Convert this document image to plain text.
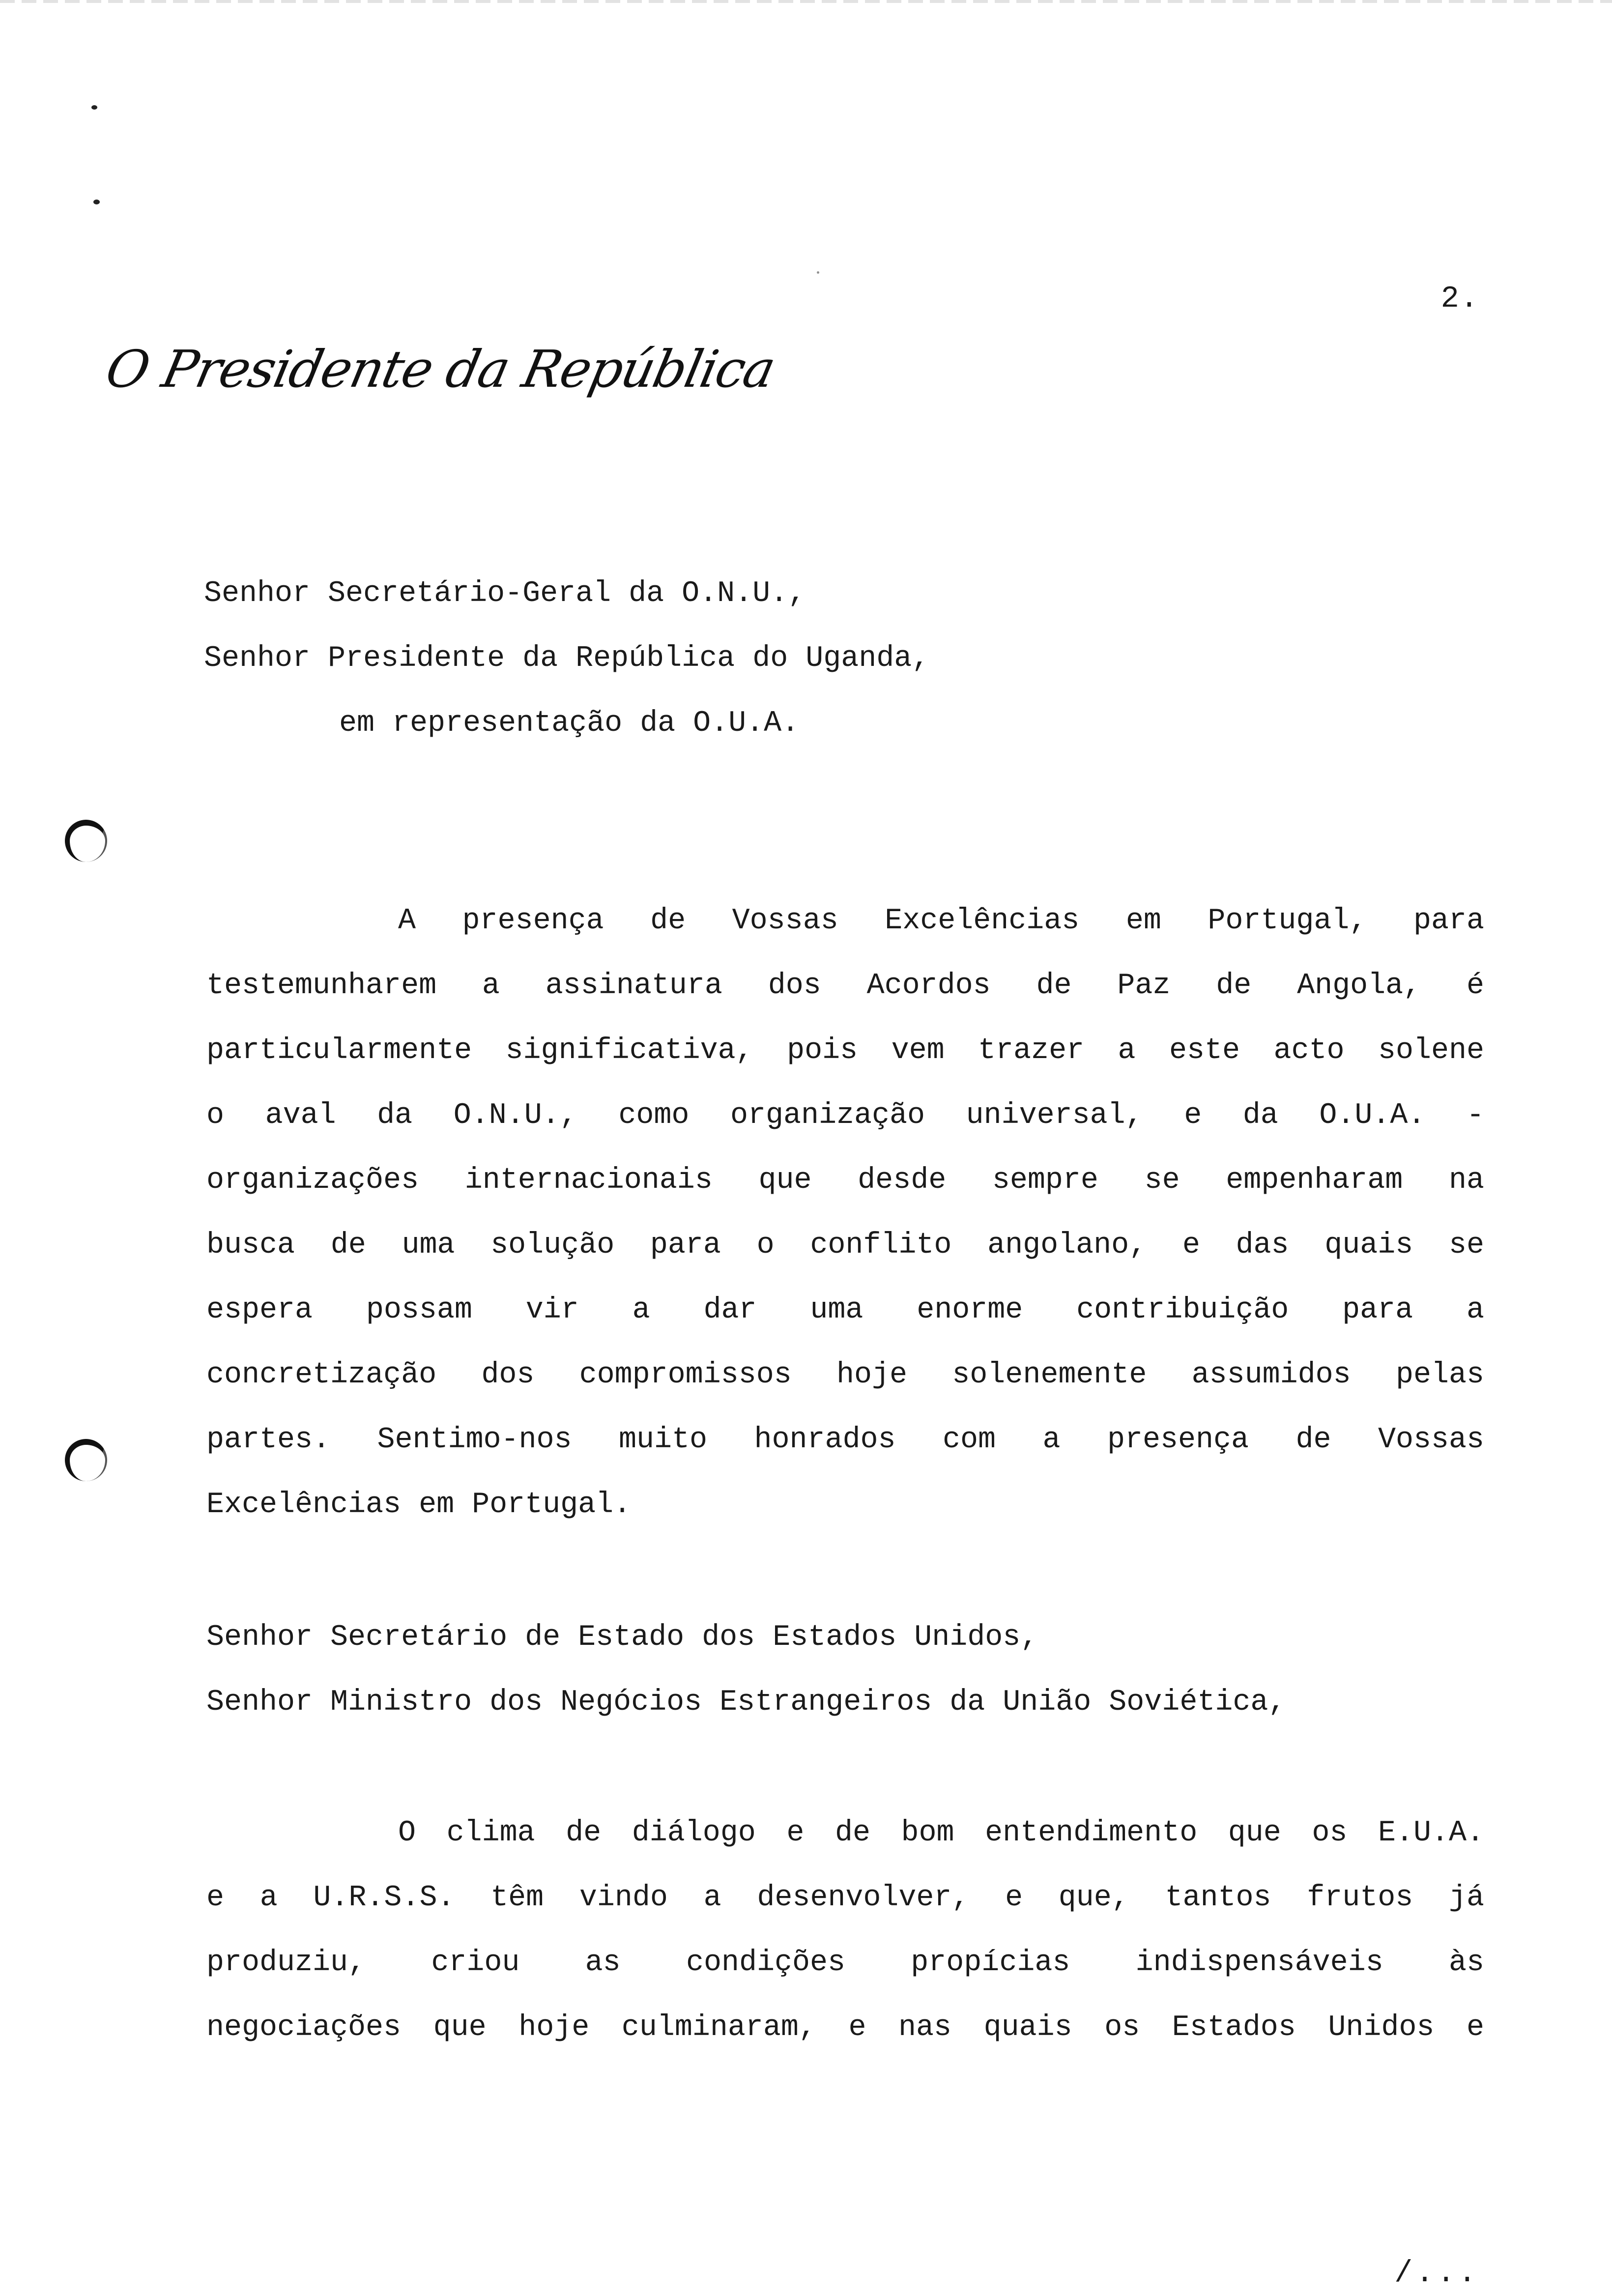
2.
O Presidente da República
Senhor Secretário-Geral da O.N.U.,
Senhor Presidente da República do Uganda,
em representação da O.U.A.
A presença de Vossas Excelências em Portugal, para
testemunharem a assinatura dos Acordos de Paz de Angola, é
particularmente significativa, pois vem trazer a este acto solene
o aval da O.N.U., como organização universal, e da O.U.A. -
organizações internacionais que desde sempre se empenharam na
busca de uma solução para o conflito angolano, e das quais se
espera possam vir a dar uma enorme contribuição para a
concretização dos compromissos hoje solenemente assumidos pelas
partes. Sentimo-nos muito honrados com a presença de Vossas
Excelências em Portugal.
Senhor Secretário de Estado dos Estados Unidos,
Senhor Ministro dos Negócios Estrangeiros da União Soviética,
O clima de diálogo e de bom entendimento que os E.U.A.
e a U.R.S.S. têm vindo a desenvolver, e que, tantos frutos já
produziu, criou as condições propícias indispensáveis às
negociações que hoje culminaram, e nas quais os Estados Unidos e
/...
